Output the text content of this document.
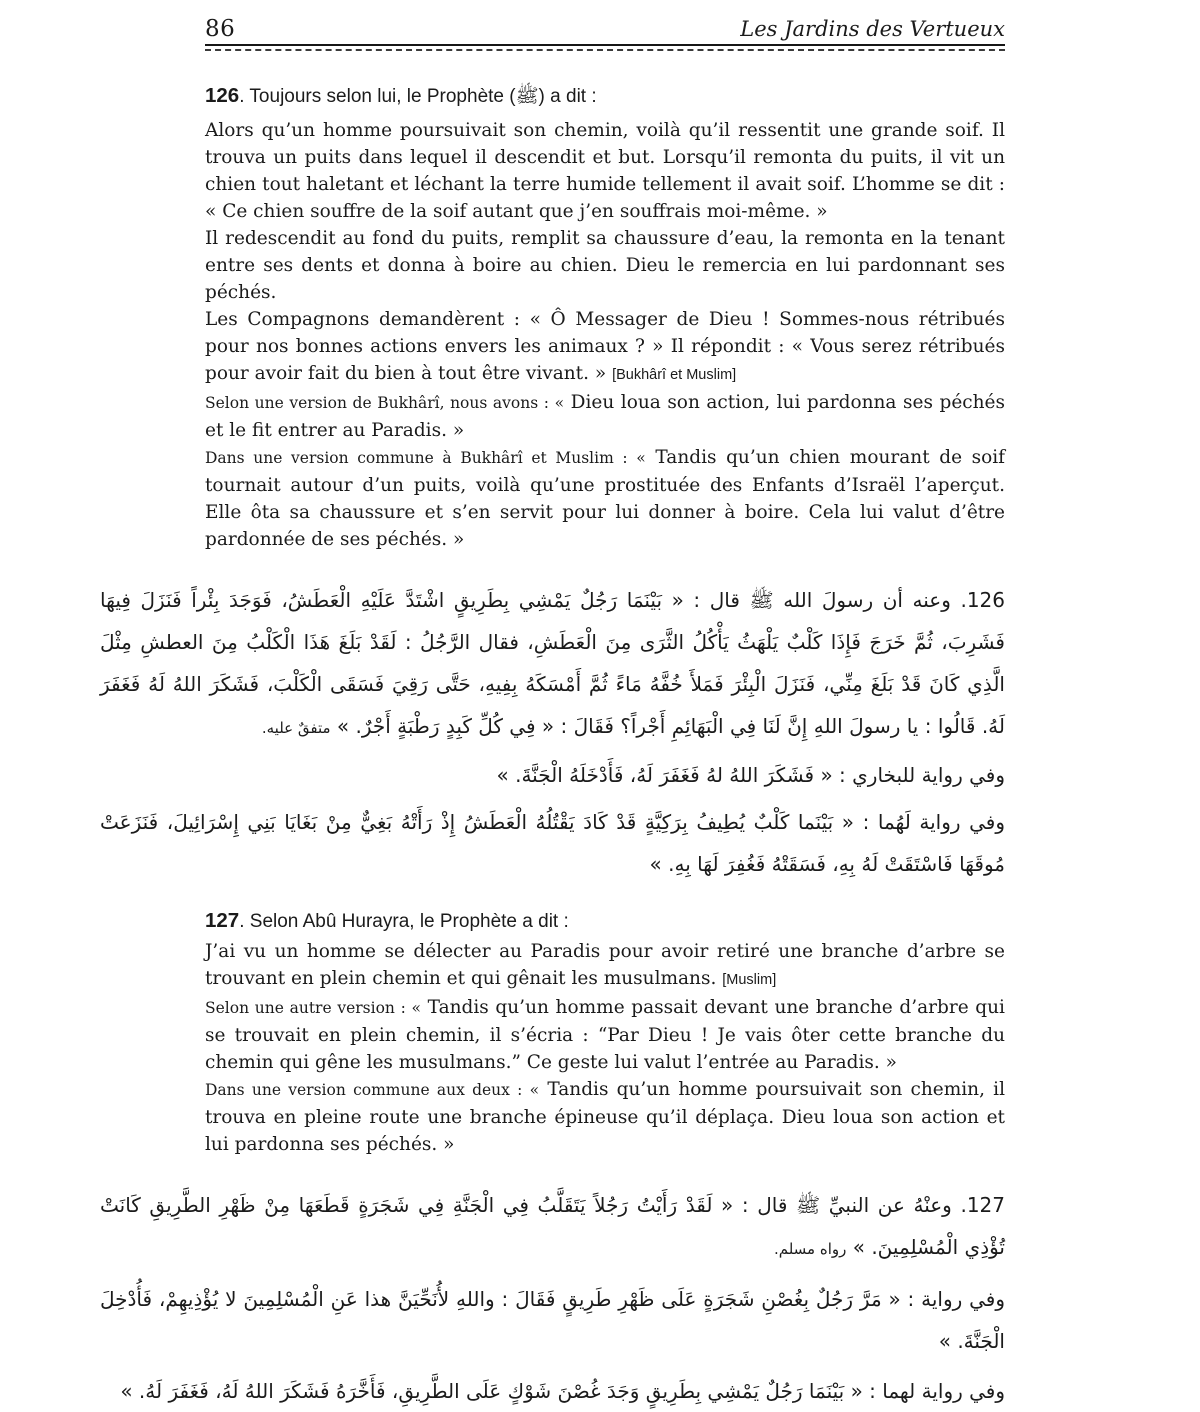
86	Les Jardins des Vertueux
126. Toujours selon lui, le Prophète (ﷺ) a dit :

Alors qu’un homme poursuivait son chemin, voilà qu’il ressentit une grande soif. Il trouva un puits dans lequel il descendit et but. Lorsqu’il remonta du puits, il vit un chien tout haletant et léchant la terre humide tellement il avait soif. L’homme se dit : « Ce chien souffre de la soif autant que j’en souffrais moi-même. »

Il redescendit au fond du puits, remplit sa chaussure d’eau, la remonta en la tenant entre ses dents et donna à boire au chien. Dieu le remercia en lui pardonnant ses péchés.

Les Compagnons demandèrent : « Ô Messager de Dieu ! Sommes-nous rétribués pour nos bonnes actions envers les animaux ? » Il répondit : « Vous serez rétribués pour avoir fait du bien à tout être vivant. » [Bukhârî et Muslim]

Selon une version de Bukhârî, nous avons : « Dieu loua son action, lui pardonna ses péchés et le fit entrer au Paradis. »

Dans une version commune à Bukhârî et Muslim : « Tandis qu’un chien mourant de soif tournait autour d’un puits, voilà qu’une prostituée des Enfants d’Israël l’aperçut. Elle ôta sa chaussure et s’en servit pour lui donner à boire. Cela lui valut d’être pardonnée de ses péchés. »

126. وعنه أن رسولَ الله ﷺ قال : « بَيْنَمَا رَجُلٌ يَمْشِي بِطَرِيقٍ اشْتَدَّ عَلَيْهِ الْعَطَشُ، فَوَجَدَ بِئْراً فَنَزَلَ فِيهَا فَشَرِبَ، ثُمَّ خَرَجَ فَإِذَا كَلْبٌ يَلْهَثُ يَأْكُلُ الثَّرَى مِنَ الْعَطَشِ، فقال الرَّجُلُ : لَقَدْ بَلَغَ هَذَا الْكَلْبُ مِنَ العطشِ مِثْلَ الَّذِي كَانَ قَدْ بَلَغَ مِنِّي، فَنَزَلَ الْبِئْرَ فَمَلأَ خُفَّهُ مَاءً ثُمَّ أَمْسَكَهُ بِفِيهِ، حَتَّى رَقِيَ فَسَقَى الْكَلْبَ، فَشَكَرَ اللهُ لَهُ فَغَفَرَ لَهُ. قَالُوا : يا رسولَ اللهِ إِنَّ لَنَا فِي الْبَهَائِمِ أَجْراً؟ فَقَالَ : « فِي كُلِّ كَبِدٍ رَطْبَةٍ أَجْرٌ. » متفقٌ عليه.

وفي رواية للبخاري : « فَشَكَرَ اللهُ لهُ فَغَفَرَ لَهُ، فَأَدْخَلَهُ الْجَنَّةَ. »

وفي رواية لَهُما : « بَيْنَما كَلْبٌ يُطِيفُ بِرَكِيَّةٍ قَدْ كَادَ يَقْتُلُهُ الْعَطَشُ إِذْ رَأَتْهُ بَغِيٌّ مِنْ بَغَايَا بَنِي إِسْرَائِيلَ، فَنَزَعَتْ مُوقَهَا فَاسْتَقَتْ لَهُ بِهِ، فَسَقَتْهُ فَغُفِرَ لَهَا بِهِ. »

127. Selon Abû Hurayra, le Prophète a dit :

J’ai vu un homme se délecter au Paradis pour avoir retiré une branche d’arbre se trouvant en plein chemin et qui gênait les musulmans. [Muslim]

Selon une autre version : « Tandis qu’un homme passait devant une branche d’arbre qui se trouvait en plein chemin, il s’écria : “Par Dieu ! Je vais ôter cette branche du chemin qui gêne les musulmans.” Ce geste lui valut l’entrée au Paradis. »

Dans une version commune aux deux : « Tandis qu’un homme poursuivait son chemin, il trouva en pleine route une branche épineuse qu’il déplaça. Dieu loua son action et lui pardonna ses péchés. »

127. وعنْهُ عن النبيِّ ﷺ قال : « لَقَدْ رَأَيْتُ رَجُلاً يَتَقَلَّبُ فِي الْجَنَّةِ فِي شَجَرَةٍ قَطَعَهَا مِنْ ظَهْرِ الطَّرِيقِ كَانَتْ تُؤْذِي الْمُسْلِمِينَ. » رواه مسلم.

وفي رواية : « مَرَّ رَجُلٌ بِغُصْنِ شَجَرَةٍ عَلَى ظَهْرِ طَرِيقٍ فَقَالَ : واللهِ لأُنَحِّيَنَّ هذا عَنِ الْمُسْلِمِينَ لا يُؤْذِيهِمْ، فَأُدْخِلَ الْجَنَّةَ. »

وفي رواية لهما : « بَيْنَمَا رَجُلٌ يَمْشِي بِطَرِيقٍ وَجَدَ غُصْنَ شَوْكٍ عَلَى الطَّرِيقِ، فَأَخَّرَهُ فَشَكَرَ اللهُ لَهُ، فَغَفَرَ لَهُ. »
